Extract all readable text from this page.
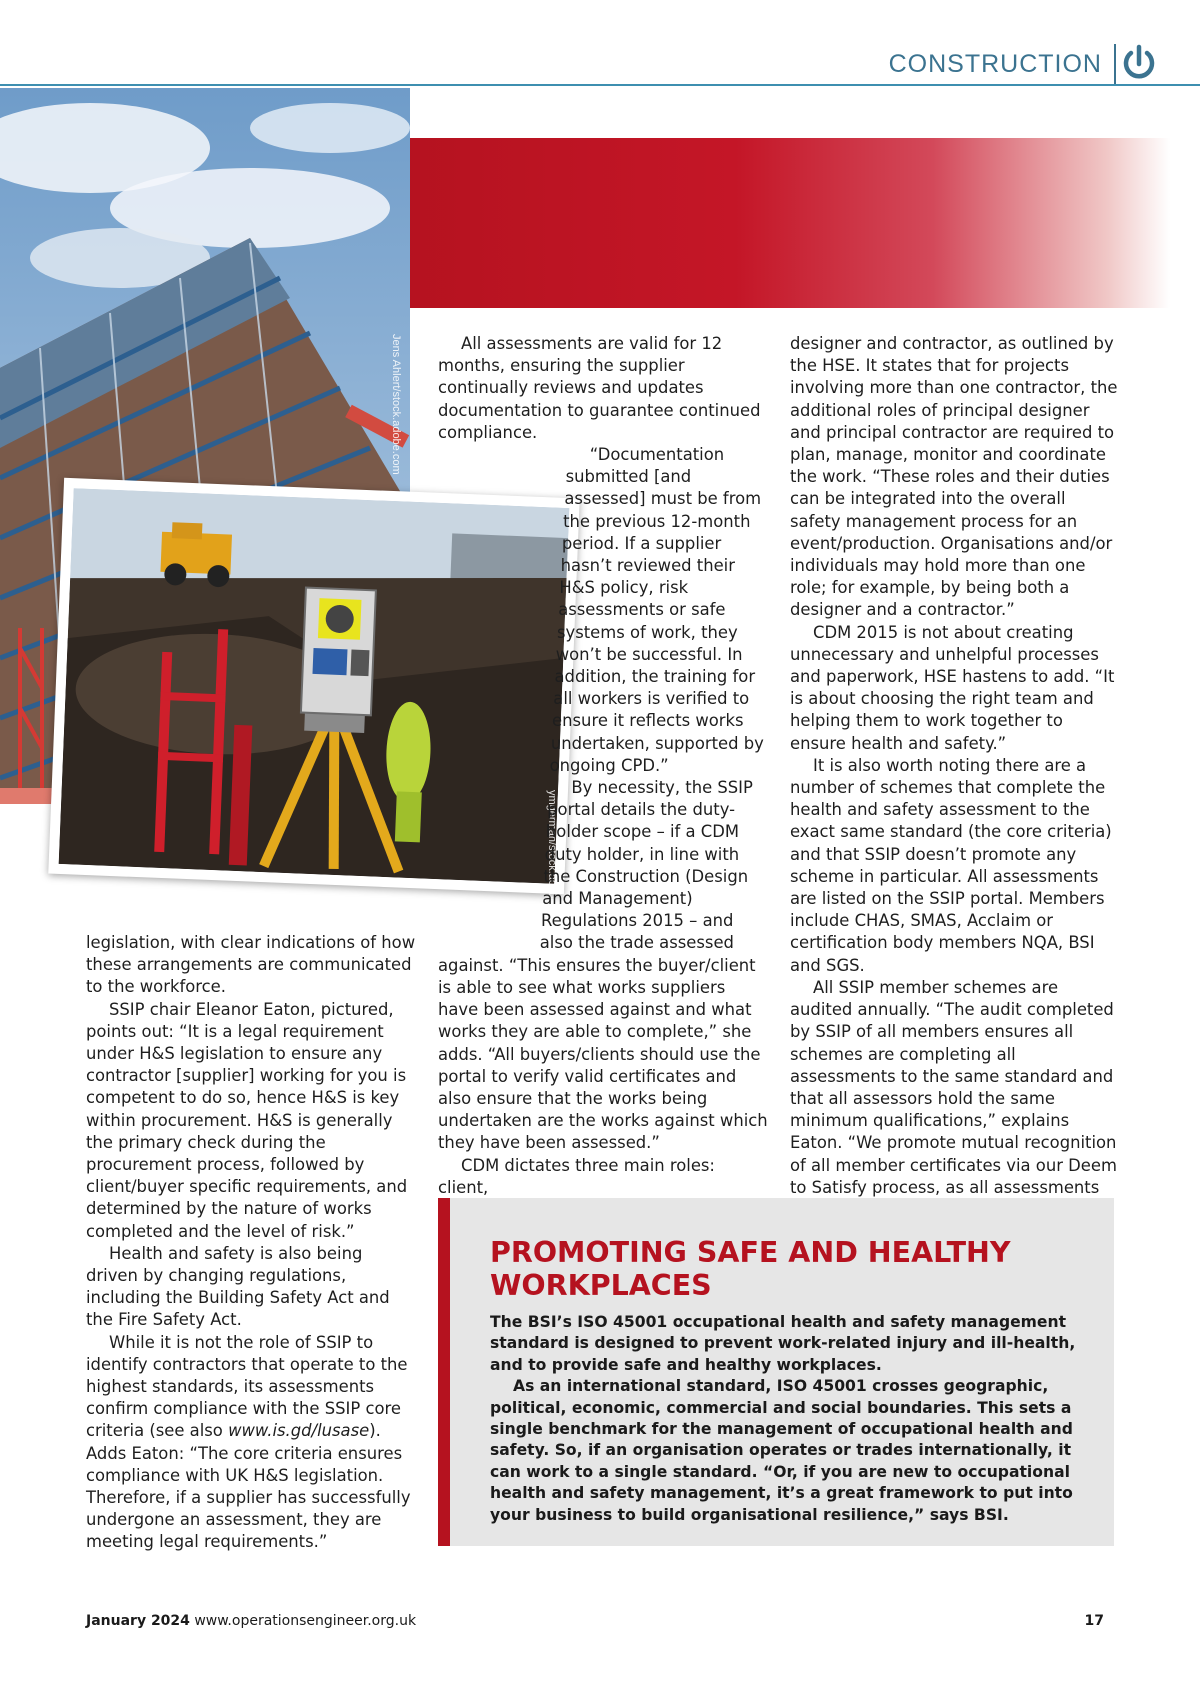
CONSTRUCTION
Jens Ahlert/stock.adobe.com
ymgerman/stock.adobe.com

legislation, with clear indications of how these arrangements are communicated to the workforce.

SSIP chair Eleanor Eaton, pictured, points out: “It is a legal requirement under H&S legislation to ensure any contractor [supplier] working for you is competent to do so, hence H&S is key within procurement. H&S is generally the primary check during the procurement process, followed by client/buyer specific requirements, and determined by the nature of works completed and the level of risk.”

Health and safety is also being driven by changing regulations, including the Building Safety Act and the Fire Safety Act.

While it is not the role of SSIP to identify contractors that operate to the highest standards, its assessments confirm compliance with the SSIP core criteria (see also www.is.gd/lusase). Adds Eaton: “The core criteria ensures compliance with UK H&S legislation. Therefore, if a supplier has successfully undergone an assessment, they are meeting legal requirements.”

All assessments are valid for 12 months, ensuring the supplier continually reviews and updates documentation to guarantee continued compliance.

“Documentation submitted [and assessed] must be from the previous 12-month period. If a supplier hasn’t reviewed their H&S policy, risk assessments or safe systems of work, they won’t be successful. In addition, the training for all workers is verified to ensure it reflects works undertaken, supported by ongoing CPD.”

By necessity, the SSIP portal details the duty-holder scope – if a CDM duty holder, in line with the Construction (Design and Management) Regulations 2015 – and also the trade assessed against. “This ensures the buyer/client is able to see what works suppliers have been assessed against and what works they are able to complete,” she adds. “All buyers/clients should use the portal to verify valid certificates and also ensure that the works being undertaken are the works against which they have been assessed.”

CDM dictates three main roles: client,

designer and contractor, as outlined by the HSE. It states that for projects involving more than one contractor, the additional roles of principal designer and principal contractor are required to plan, manage, monitor and coordinate the work. “These roles and their duties can be integrated into the overall safety management process for an event/production. Organisations and/or individuals may hold more than one role; for example, by being both a designer and a contractor.”

CDM 2015 is not about creating unnecessary and unhelpful processes and paperwork, HSE hastens to add. “It is about choosing the right team and helping them to work together to ensure health and safety.”

It is also worth noting there are a number of schemes that complete the health and safety assessment to the exact same standard (the core criteria) and that SSIP doesn’t promote any scheme in particular. All assessments are listed on the SSIP portal. Members include CHAS, SMAS, Acclaim or certification body members NQA, BSI and SGS.

All SSIP member schemes are audited annually. “The audit completed by SSIP of all members ensures all schemes are completing all assessments to the same standard and that all assessors hold the same minimum qualifications,” explains Eaton. “We promote mutual recognition of all member certificates via our Deem to Satisfy process, as all assessments

PROMOTING SAFE AND HEALTHY WORKPLACES

The BSI’s ISO 45001 occupational health and safety management standard is designed to prevent work-related injury and ill-health, and to provide safe and healthy workplaces.

As an international standard, ISO 45001 crosses geographic, political, economic, commercial and social boundaries. This sets a single benchmark for the management of occupational health and safety. So, if an organisation operates or trades internationally, it can work to a single standard. “Or, if you are new to occupational health and safety management, it’s a great framework to put into your business to build organisational resilience,” says BSI.

January 2024 www.operationsengineer.org.uk	17
